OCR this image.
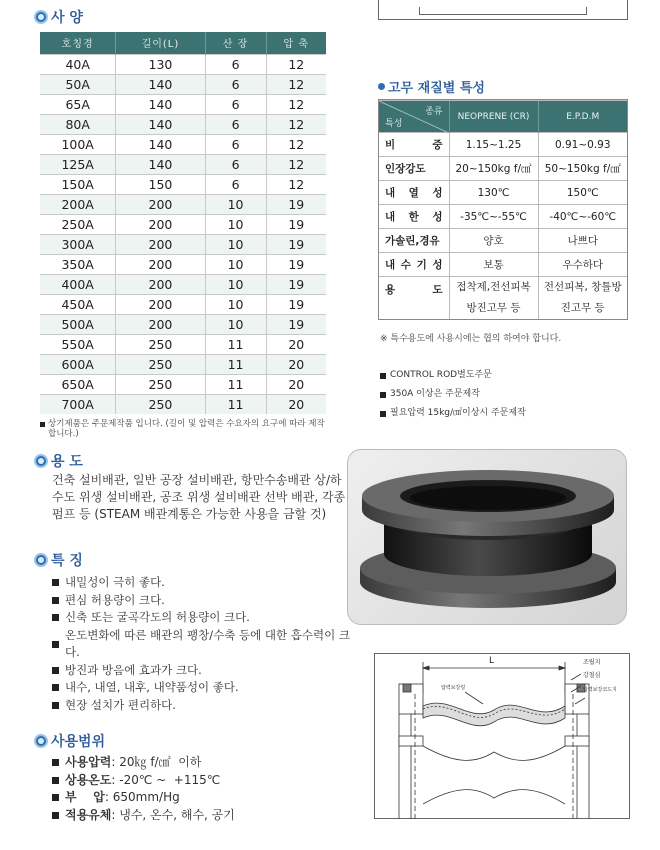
사 양
호칭경	길이(L)	산 장	압 축
40A	130	6	12
50A	140	6	12
65A	140	6	12
80A	140	6	12
100A	140	6	12
125A	140	6	12
150A	150	6	12
200A	200	10	19
250A	200	10	19
300A	200	10	19
350A	200	10	19
400A	200	10	19
450A	200	10	19
500A	200	10	19
550A	250	11	20
600A	250	11	20
650A	250	11	20
700A	250	11	20
상기제품은 주문제작품 입니다. (길이 및 압력은 수요자의 요구에 따라 제작합니다.)
용 도
건축 설비배관, 일반 공장 설비배관, 항만수송배관 상/하수도 위생 설비배관, 공조 위생 설비배관 선박 배관, 각종 펌프 등 (STEAM 배관계통은 가능한 사용을 금할 것)
특 징
내밀성이 극히 좋다.
편심 허용량이 크다.
신축 또는 굴곡각도의 허용량이 크다.
온도변화에 따른 배관의 팽창/수축 등에 대한 흡수력이 크다.
방진과 방음에 효과가 크다.
내수, 내열, 내후, 내약품성이 좋다.
현장 설치가 편리하다.
사용범위
사용압력 : 20㎏ f/㎠  이하
상용온도 : -20℃ ~  +115℃
부    압 : 650mm/Hg
적용유체 : 냉수, 온수, 해수, 공기
고무 재질별 특성
종류
특성	NEOPRENE (CR)	E.P.D.M
비 중	1.15~1.25	0.91~0.93
인장강도	20~150kg f/㎠	50~150kg f/㎠
내 열 성	130℃	150℃
내 한 성	-35℃~-55℃	-40℃~-60℃
가솔린,경유	양호	나쁘다
내 수 기 성	보통	우수하다
용 도	접착제,전선피복	전선피복, 창틀방
	방진고무 등	진고무 등
※ 특수용도에 사용시에는 협의 하여야 합니다.
CONTROL ROD별도주문
350A 이상은 주문제작
필요압력 15kg/㎠이상시 주문제작
L	조립지
압력보강링
강철심
압력보강코드지
